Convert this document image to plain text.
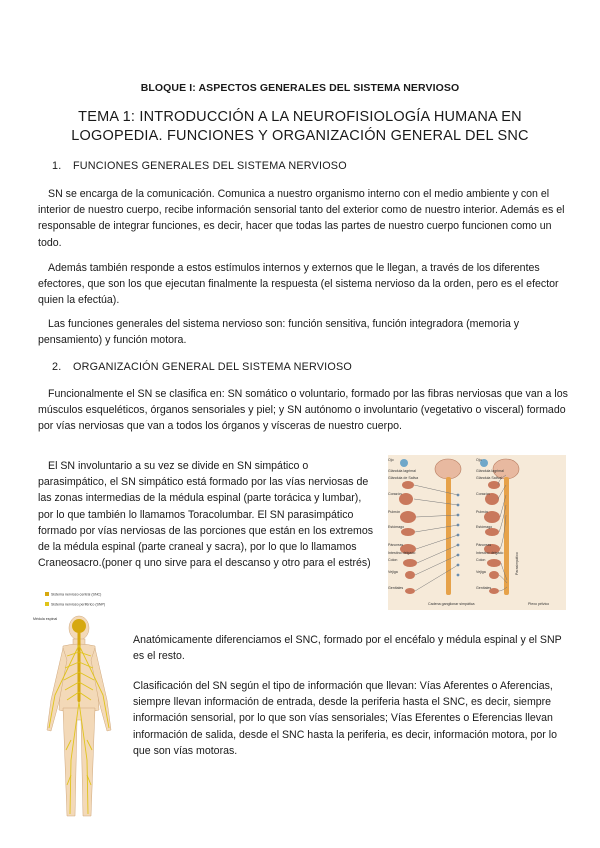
BLOQUE I: ASPECTOS GENERALES DEL SISTEMA NERVIOSO
TEMA 1: INTRODUCCIÓN A LA NEUROFISIOLOGÍA HUMANA EN LOGOPEDIA. FUNCIONES Y ORGANIZACIÓN GENERAL DEL SNC
1. FUNCIONES GENERALES DEL SISTEMA NERVIOSO

SN se encarga de la comunicación. Comunica a nuestro organismo interno con el medio ambiente y con el interior de nuestro cuerpo, recibe información sensorial tanto del exterior como de nuestro interior. Además es el responsable de integrar funciones, es decir, hacer que todas las partes de nuestro cuerpo funcionen como un todo.

Además también responde a estos estímulos internos y externos que le llegan, a través de los diferentes efectores, que son los que ejecutan finalmente la respuesta (el sistema nervioso da la orden, pero es el efector quien la efectúa).

Las funciones generales del sistema nervioso son: función sensitiva, función integradora (memoria y pensamiento) y función motora.

2. ORGANIZACIÓN GENERAL DEL SISTEMA NERVIOSO

Funcionalmente el SN se clasifica en: SN somático o voluntario, formado por las fibras nerviosas que van a los músculos esqueléticos, órganos sensoriales y piel; y SN autónomo o involuntario (vegetativo o visceral) formado por vías nerviosas que van a todos los órganos y vísceras de nuestro cuerpo.

El SN involuntario a su vez se divide en SN simpático o parasimpático, el SN simpático está formado por las vías nerviosas de las zonas intermedias de la médula espinal (parte torácica y lumbar), por lo que también lo llamamos Toracolumbar. El SN parasimpático formado por vías nerviosas de las porciones que están en los extremos de la médula espinal (parte craneal y sacra), por lo que lo llamamos Craneosacro.(poner q uno sirve para el descanso y otro para el estrés)

Anatómicamente diferenciamos el SNC, formado por el encéfalo y médula espinal y el SNP es el resto.

Clasificación del SN según el tipo de información que llevan: Vías Aferentes o Aferencias, siempre llevan información de entrada, desde la periferia hasta el SNC, es decir, siempre información sensorial, por lo que son vías sensoriales; Vías Eferentes o Eferencias llevan información de salida, desde el SNC hasta la periferia, es decir, información motora, por lo que son vías motoras.

Ojo
Glándula lagrimal
Glándula de Saliva
Corazón
Pulmón
Estómago
Páncreas
Intestino delgado
Colon
Vejiga
Genitales
Ojo
Glándula lagrimal
Glándula Salival
Corazón
Pulmón
Estómago
Páncreas
Intestino delgado
Colon
Vejiga
Genitales
Cadena ganglionar simpática	Plexo pélvico
Parasimpático
Sistema nervioso central (SNC)
Sistema nervioso periférico (SNP)
Médula espinal
